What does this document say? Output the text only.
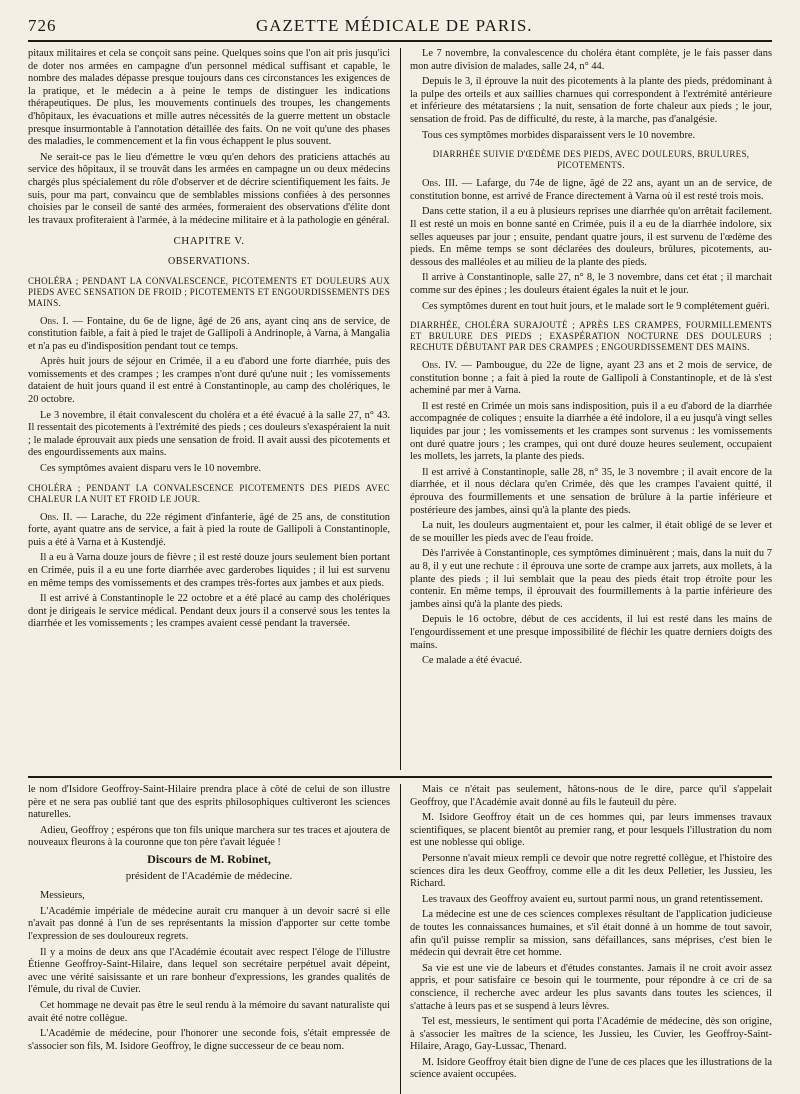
726	GAZETTE MÉDICALE DE PARIS.

pitaux militaires et cela se conçoit sans peine. Quelques soins que l'on ait pris jusqu'ici de doter nos armées en campagne d'un personnel médical suffisant et capable, le nombre des malades dépasse presque toujours dans ces circonstances les exigences de la pratique, et le médecin a à peine le temps de distinguer les indications thérapeutiques. De plus, les mouvements continuels des troupes, les changements d'hôpitaux, les évacuations et mille autres nécessités de la guerre mettent un obstacle presque insurmontable à l'annotation détaillée des faits. On ne voit qu'une des phases des maladies, le commencement et la fin vous échappent le plus souvent.

Ne serait-ce pas le lieu d'émettre le vœu qu'en dehors des praticiens attachés au service des hôpitaux, il se trouvât dans les armées en campagne un ou deux médecins chargés plus spécialement du rôle d'observer et de décrire scientifiquement les faits. Je suis, pour ma part, convaincu que de semblables missions confiées à des personnes choisies par le conseil de santé des armées, formeraient des observations d'élite dont les travaux profiteraient à l'armée, à la médecine militaire et à la pathologie en général.

CHAPITRE V.
OBSERVATIONS.

CHOLÉRA ; PENDANT LA CONVALESCENCE, PICOTEMENTS ET DOULEURS AUX PIEDS AVEC SENSATION DE FROID ; PICOTEMENTS ET ENGOURDISSEMENTS DES MAINS.

Obs. I. — Fontaine, du 6e de ligne, âgé de 26 ans, ayant cinq ans de service, de constitution faible, a fait à pied le trajet de Gallipoli à Andrinople, à Varna, à Mangalia et n'a pas eu d'indisposition pendant tout ce temps.

Après huit jours de séjour en Crimée, il a eu d'abord une forte diarrhée, puis des vomissements et des crampes ; les crampes n'ont duré qu'une nuit ; les vomissements dataient de huit jours quand il est entré à Constantinople, au camp des cholériques, le 20 octobre.

Le 3 novembre, il était convalescent du choléra et a été évacué à la salle 27, n° 43. Il ressentait des picotements à l'extrémité des pieds ; ces douleurs s'exaspéraient la nuit ; le malade éprouvait aux pieds une sensation de froid. Il avait aussi des picotements et des engourdissements aux mains.

Ces symptômes avaient disparu vers le 10 novembre.

CHOLÉRA ; PENDANT LA CONVALESCENCE PICOTEMENTS DES PIEDS AVEC CHALEUR LA NUIT ET FROID LE JOUR.

Obs. II. — Larache, du 22e régiment d'infanterie, âgé de 25 ans, de constitution forte, ayant quatre ans de service, a fait à pied la route de Gallipoli à Constantinople, puis a été à Varna et à Kustendjé.

Il a eu à Varna douze jours de fièvre ; il est resté douze jours seulement bien portant en Crimée, puis il a eu une forte diarrhée avec garderobes liquides ; il lui est survenu en même temps des vomissements et des crampes très-fortes aux jambes et aux pieds.

Il est arrivé à Constantinople le 22 octobre et a été placé au camp des cholériques dont je dirigeais le service médical. Pendant deux jours il a conservé sous les tentes la diarrhée et les vomissements ; les crampes avaient cessé pendant la traversée.

Le 7 novembre, la convalescence du choléra étant complète, je le fais passer dans mon autre division de malades, salle 24, n° 44.

Depuis le 3, il éprouve la nuit des picotements à la plante des pieds, prédominant à la pulpe des orteils et aux saillies charnues qui correspondent à l'extrémité antérieure et inférieure des métatarsiens ; la nuit, sensation de forte chaleur aux pieds ; le jour, sensation de froid. Pas de difficulté, du reste, à la marche, pas d'analgésie.

Tous ces symptômes morbides disparaissent vers le 10 novembre.

DIARRHÉE SUIVIE D'ŒDÈME DES PIEDS, AVEC DOULEURS, BRULURES, PICOTEMENTS.

Obs. III. — Lafarge, du 74e de ligne, âgé de 22 ans, ayant un an de service, de constitution bonne, est arrivé de France directement à Varna où il est resté trois mois.

Dans cette station, il a eu à plusieurs reprises une diarrhée qu'on arrêtait facilement. Il est resté un mois en bonne santé en Crimée, puis il a eu de la diarrhée indolore, six selles aqueuses par jour ; ensuite, pendant quatre jours, il est survenu de l'œdème des pieds. En même temps se sont déclarées des douleurs, brûlures, picotements, au-dessous des malléoles et au milieu de la plante des pieds.

Il arrive à Constantinople, salle 27, n° 8, le 3 novembre, dans cet état ; il marchait comme sur des épines ; les douleurs étaient égales la nuit et le jour.

Ces symptômes durent en tout huit jours, et le malade sort le 9 complétement guéri.

DIARRHÉE, CHOLÉRA SURAJOUTÉ ; APRÈS LES CRAMPES, FOURMILLEMENTS ET BRULURE DES PIEDS ; EXASPÉRATION NOCTURNE DES DOULEURS ; RECHUTE DÉBUTANT PAR DES CRAMPES ; ENGOURDISSEMENT DES MAINS.

Obs. IV. — Pambougue, du 22e de ligne, ayant 23 ans et 2 mois de service, de constitution bonne ; a fait à pied la route de Gallipoli à Constantinople, et de là s'est acheminé par mer à Varna.

Il est resté en Crimée un mois sans indisposition, puis il a eu d'abord de la diarrhée accompagnée de coliques ; ensuite la diarrhée a été indolore, il a eu jusqu'à vingt selles liquides par jour ; les vomissements et les crampes sont survenus : les vomissements ont duré quatre jours ; les crampes, qui ont duré douze heures seulement, occupaient les mollets, les jarrets, la plante des pieds.

Il est arrivé à Constantinople, salle 28, n° 35, le 3 novembre ; il avait encore de la diarrhée, et il nous déclara qu'en Crimée, dès que les crampes l'avaient quitté, il éprouva des fourmillements et une sensation de brûlure à la partie inférieure et postérieure des jambes, ainsi qu'à la plante des pieds.

La nuit, les douleurs augmentaient et, pour les calmer, il était obligé de se lever et de se mouiller les pieds avec de l'eau froide.

Dès l'arrivée à Constantinople, ces symptômes diminuèrent ; mais, dans la nuit du 7 au 8, il y eut une rechute : il éprouva une sorte de crampe aux jarrets, aux mollets, à la plante des pieds ; il lui semblait que la peau des pieds était trop étroite pour les contenir. En même temps, il éprouvait des fourmillements à la partie inférieure des jambes ainsi qu'à la plante des pieds.

Depuis le 16 octobre, début de ces accidents, il lui est resté dans les mains de l'engourdissement et une presque impossibilité de fléchir les quatre derniers doigts des mains.

Ce malade a été évacué.

le nom d'Isidore Geoffroy-Saint-Hilaire prendra place à côté de celui de son illustre père et ne sera pas oublié tant que des esprits philosophiques cultiveront les sciences naturelles.

Adieu, Geoffroy ; espérons que ton fils unique marchera sur tes traces et ajoutera de nouveaux fleurons à la couronne que ton père t'avait léguée !

Discours de M. Robinet,

président de l'Académie de médecine.

Messieurs,

L'Académie impériale de médecine aurait cru manquer à un devoir sacré si elle n'avait pas donné à l'un de ses représentants la mission d'apporter sur cette tombe l'expression de ses douloureux regrets.

Il y a moins de deux ans que l'Académie écoutait avec respect l'éloge de l'illustre Étienne Geoffroy-Saint-Hilaire, dans lequel son secrétaire perpétuel avait dépeint, avec une vérité saisissante et un rare bonheur d'expressions, les grandes qualités de l'émule, du rival de Cuvier.

Cet hommage ne devait pas être le seul rendu à la mémoire du savant naturaliste qui avait été notre collègue.

L'Académie de médecine, pour l'honorer une seconde fois, s'était empressée de s'associer son fils, M. Isidore Geoffroy, le digne successeur de ce beau nom.

Mais ce n'était pas seulement, hâtons-nous de le dire, parce qu'il s'appelait Geoffroy, que l'Académie avait donné au fils le fauteuil du père.

M. Isidore Geoffroy était un de ces hommes qui, par leurs immenses travaux scientifiques, se placent bientôt au premier rang, et pour lesquels l'illustration du nom est une noblesse qui oblige.

Personne n'avait mieux rempli ce devoir que notre regretté collègue, et l'histoire des sciences dira les deux Geoffroy, comme elle a dit les deux Pelletier, les Jussieu, les Richard.

Les travaux des Geoffroy avaient eu, surtout parmi nous, un grand retentissement.

La médecine est une de ces sciences complexes résultant de l'application judicieuse de toutes les connaissances humaines, et s'il était donné à un homme de tout savoir, afin qu'il puisse remplir sa mission, sans défaillances, sans méprises, c'est bien le médecin qui devrait être cet homme.

Sa vie est une vie de labeurs et d'études constantes. Jamais il ne croit avoir assez appris, et pour satisfaire ce besoin qui le tourmente, pour répondre à ce cri de sa conscience, il recherche avec ardeur les plus savants dans toutes les sciences, il s'attache à leurs pas et se suspend à leurs lèvres.

Tel est, messieurs, le sentiment qui porta l'Académie de médecine, dès son origine, à s'associer les maîtres de la science, les Jussieu, les Cuvier, les Geoffroy-Saint-Hilaire, Arago, Gay-Lussac, Thenard.

M. Isidore Geoffroy était bien digne de l'une de ces places que les illustrations de la science avaient occupées.
